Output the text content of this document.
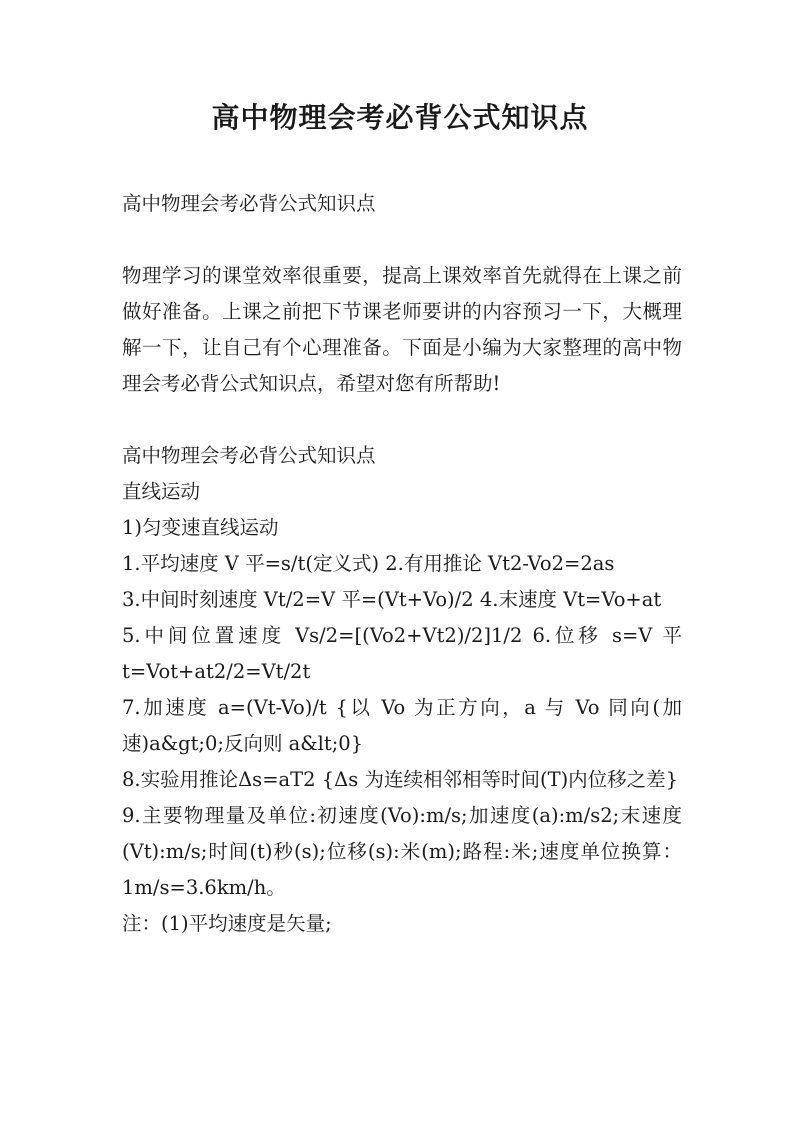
高中物理会考必背公式知识点

高中物理会考必背公式知识点

物理学习的课堂效率很重要，提高上课效率首先就得在上课之前做好准备。上课之前把下节课老师要讲的内容预习一下，大概理解一下，让自己有个心理准备。下面是小编为大家整理的高中物理会考必背公式知识点，希望对您有所帮助!

高中物理会考必背公式知识点

直线运动

1)匀变速直线运动

1.平均速度 V 平=s/t(定义式) 2.有用推论 Vt2-Vo2=2as

3.中间时刻速度 Vt/2=V 平=(Vt+Vo)/2 4.末速度 Vt=Vo+at

5.中间位置速度 Vs/2=[(Vo2+Vt2)/2]1/2 6.位移 s=V 平 t=Vot+at2/2=Vt/2t

7.加速度 a=(Vt-Vo)/t {以 Vo 为正方向，a 与 Vo 同向(加速)a&gt;0;反向则 a&lt;0}

8.实验用推论Δs=aT2 {Δs 为连续相邻相等时间(T)内位移之差}

9.主要物理量及单位:初速度(Vo):m/s;加速度(a):m/s2;末速度(Vt):m/s;时间(t)秒(s);位移(s):米(m);路程:米;速度单位换算：1m/s=3.6km/h。

注：(1)平均速度是矢量;
